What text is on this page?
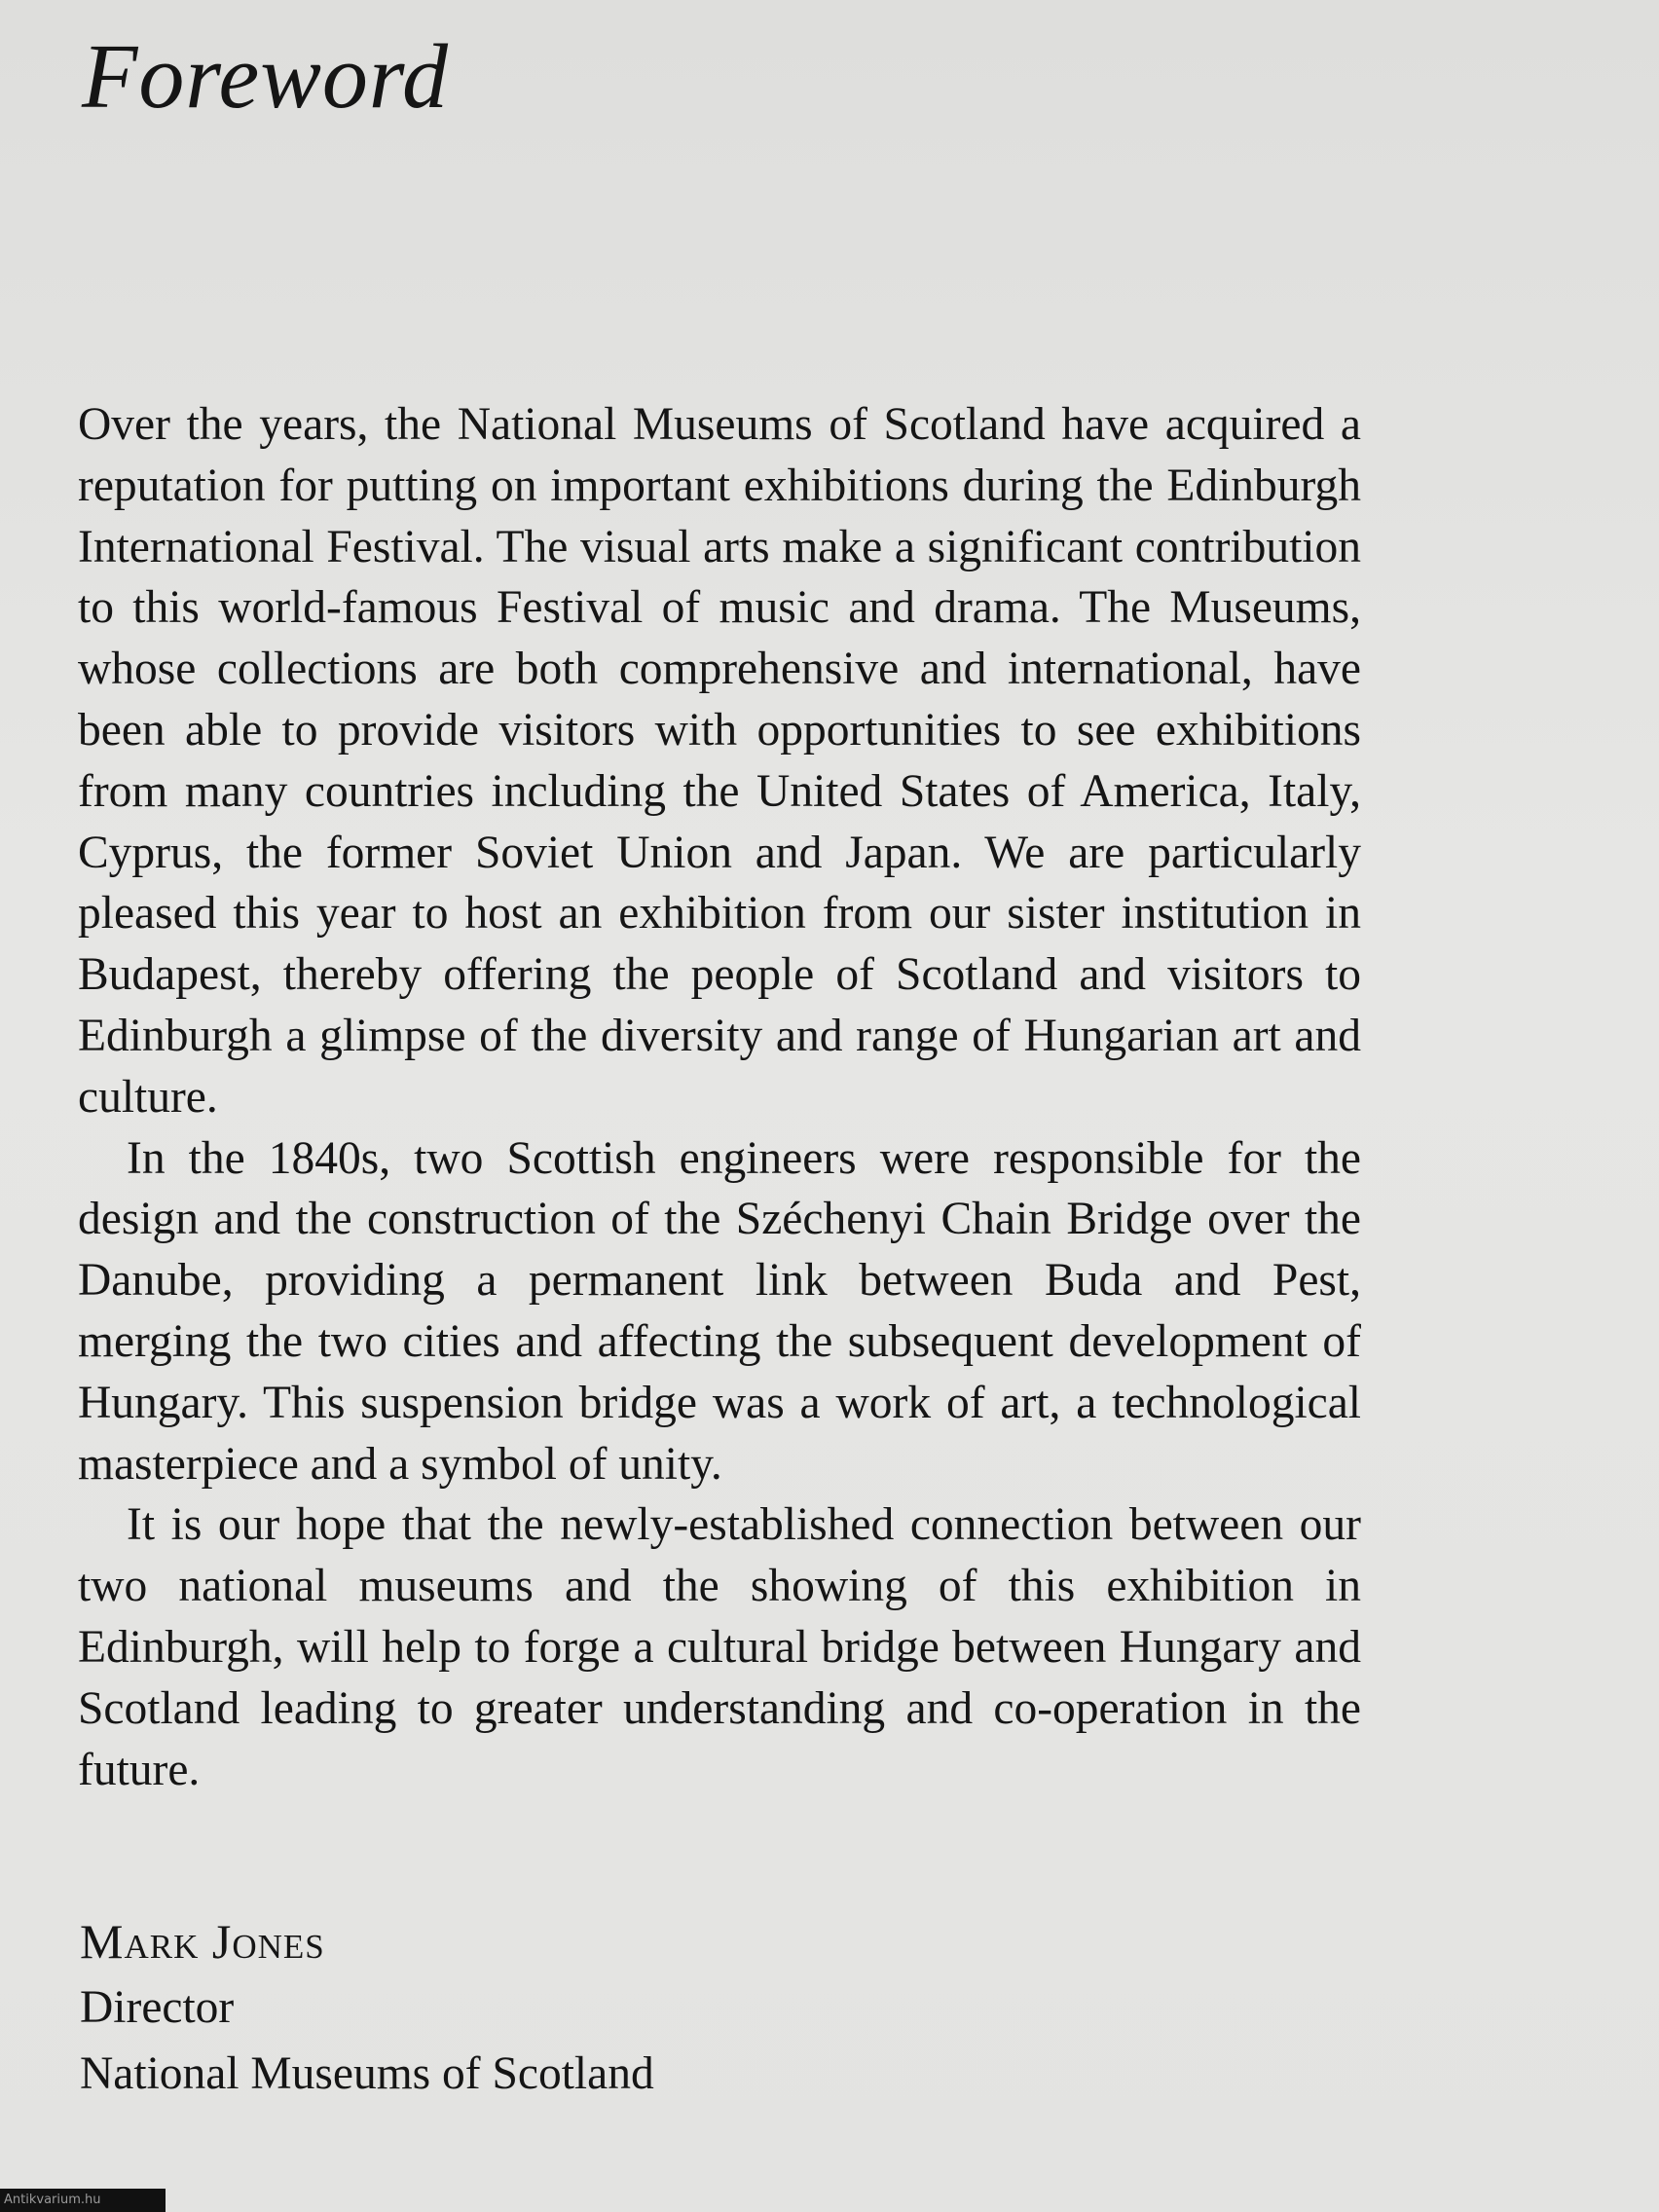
Foreword

Over the years, the National Museums of Scotland have acquired a reputation for putting on important exhibitions during the Edinburgh International Festival. The visual arts make a significant contribution to this world-famous Festival of music and drama. The Museums, whose collections are both comprehensive and international, have been able to provide visitors with opportunities to see exhibitions from many countries including the United States of America, Italy, Cyprus, the former Soviet Union and Japan. We are particularly pleased this year to host an exhibition from our sister institution in Budapest, thereby offering the people of Scotland and visitors to Edinburgh a glimpse of the diversity and range of Hungarian art and culture.

In the 1840s, two Scottish engineers were responsible for the design and the construction of the Széchenyi Chain Bridge over the Danube, providing a permanent link between Buda and Pest, merging the two cities and affecting the subsequent development of Hungary. This suspension bridge was a work of art, a technological masterpiece and a symbol of unity.

It is our hope that the newly-established connection between our two national museums and the showing of this exhibition in Edinburgh, will help to forge a cultural bridge between Hungary and Scotland leading to greater understanding and co-operation in the future.

Mark Jones
Director
National Museums of Scotland
Antikvarium.hu
